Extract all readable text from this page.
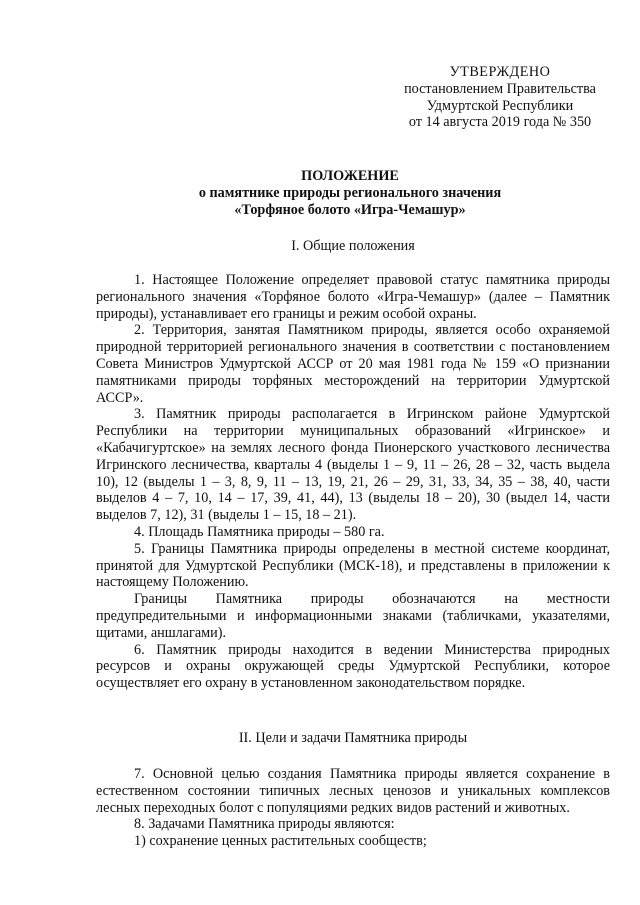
УТВЕРЖДЕНО
постановлением Правительства
Удмуртской Республики
от 14 августа 2019 года № 350
ПОЛОЖЕНИЕ
о памятнике природы регионального значения
«Торфяное болото «Игра-Чемашур»
I. Общие положения

1. Настоящее Положение определяет правовой статус памятника природы регионального значения «Торфяное болото «Игра-Чемашур» (далее – Памятник природы), устанавливает его границы и режим особой охраны.

2. Территория, занятая Памятником природы, является особо охраняемой природной территорией регионального значения в соответствии с постановлением Совета Министров Удмуртской АССР от 20 мая 1981 года № 159 «О признании памятниками природы торфяных месторождений на территории Удмуртской АССР».

3. Памятник природы располагается в Игринском районе Удмуртской Республики на территории муниципальных образований «Игринское» и «Кабачигуртское» на землях лесного фонда Пионерского участкового лесничества Игринского лесничества, кварталы 4 (выделы 1 – 9, 11 – 26, 28 – 32, часть выдела 10), 12 (выделы 1 – 3, 8, 9, 11 – 13, 19, 21, 26 – 29, 31, 33, 34, 35 – 38, 40, части выделов 4 – 7, 10, 14 – 17, 39, 41, 44), 13 (выделы 18 – 20), 30 (выдел 14, части выделов 7, 12), 31 (выделы 1 – 15, 18 – 21).

4. Площадь Памятника природы – 580 га.

5. Границы Памятника природы определены в местной системе координат, принятой для Удмуртской Республики (МСК-18), и представлены в приложении к настоящему Положению.

Границы Памятника природы обозначаются на местности предупредительными и информационными знаками (табличками, указателями, щитами, аншлагами).

6. Памятник природы находится в ведении Министерства природных ресурсов и охраны окружающей среды Удмуртской Республики, которое осуществляет его охрану в установленном законодательством порядке.

II. Цели и задачи Памятника природы

7. Основной целью создания Памятника природы является сохранение в естественном состоянии типичных лесных ценозов и уникальных комплексов лесных переходных болот с популяциями редких видов растений и животных.

8. Задачами Памятника природы являются:

1) сохранение ценных растительных сообществ;
